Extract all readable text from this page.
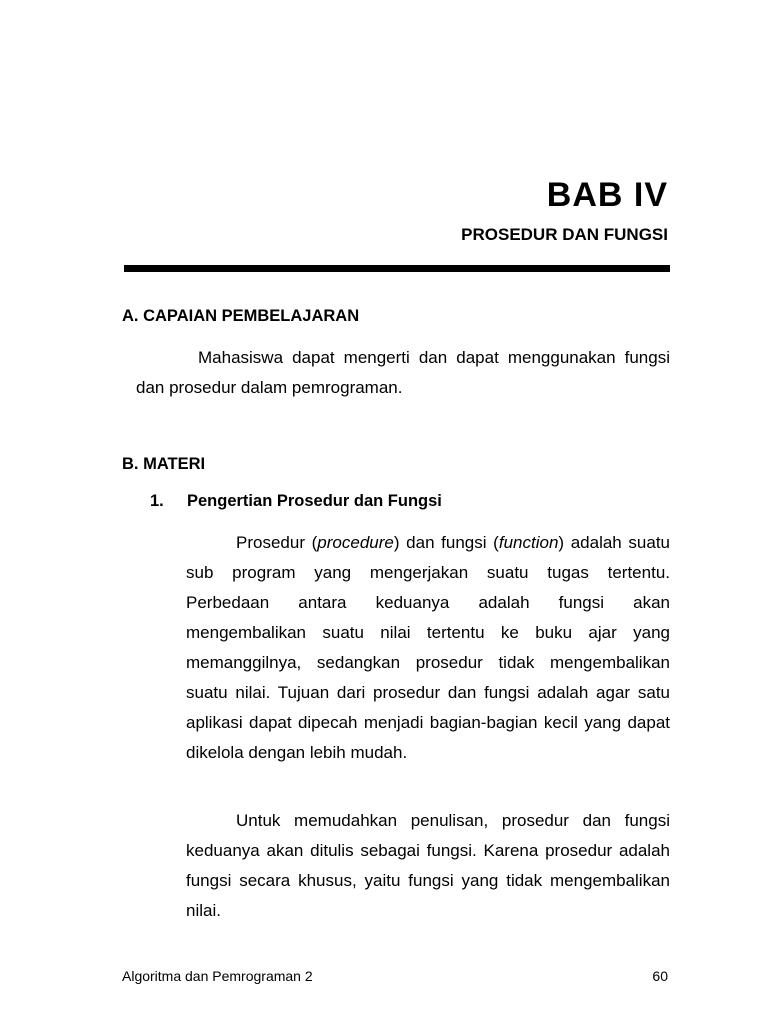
BAB IV
PROSEDUR DAN FUNGSI
A. CAPAIAN PEMBELAJARAN

Mahasiswa dapat mengerti dan dapat menggunakan fungsi dan prosedur dalam pemrograman.

B. MATERI
1. Pengertian Prosedur dan Fungsi

Prosedur (procedure) dan fungsi (function) adalah suatu sub program yang mengerjakan suatu tugas tertentu. Perbedaan antara keduanya adalah fungsi akan mengembalikan suatu nilai tertentu ke buku ajar yang memanggilnya, sedangkan prosedur tidak mengembalikan suatu nilai. Tujuan dari prosedur dan fungsi adalah agar satu aplikasi dapat dipecah menjadi bagian-bagian kecil yang dapat dikelola dengan lebih mudah.

Untuk memudahkan penulisan, prosedur dan fungsi keduanya akan ditulis sebagai fungsi. Karena prosedur adalah fungsi secara khusus, yaitu fungsi yang tidak mengembalikan nilai.

Algoritma dan Pemrograman 2	60
